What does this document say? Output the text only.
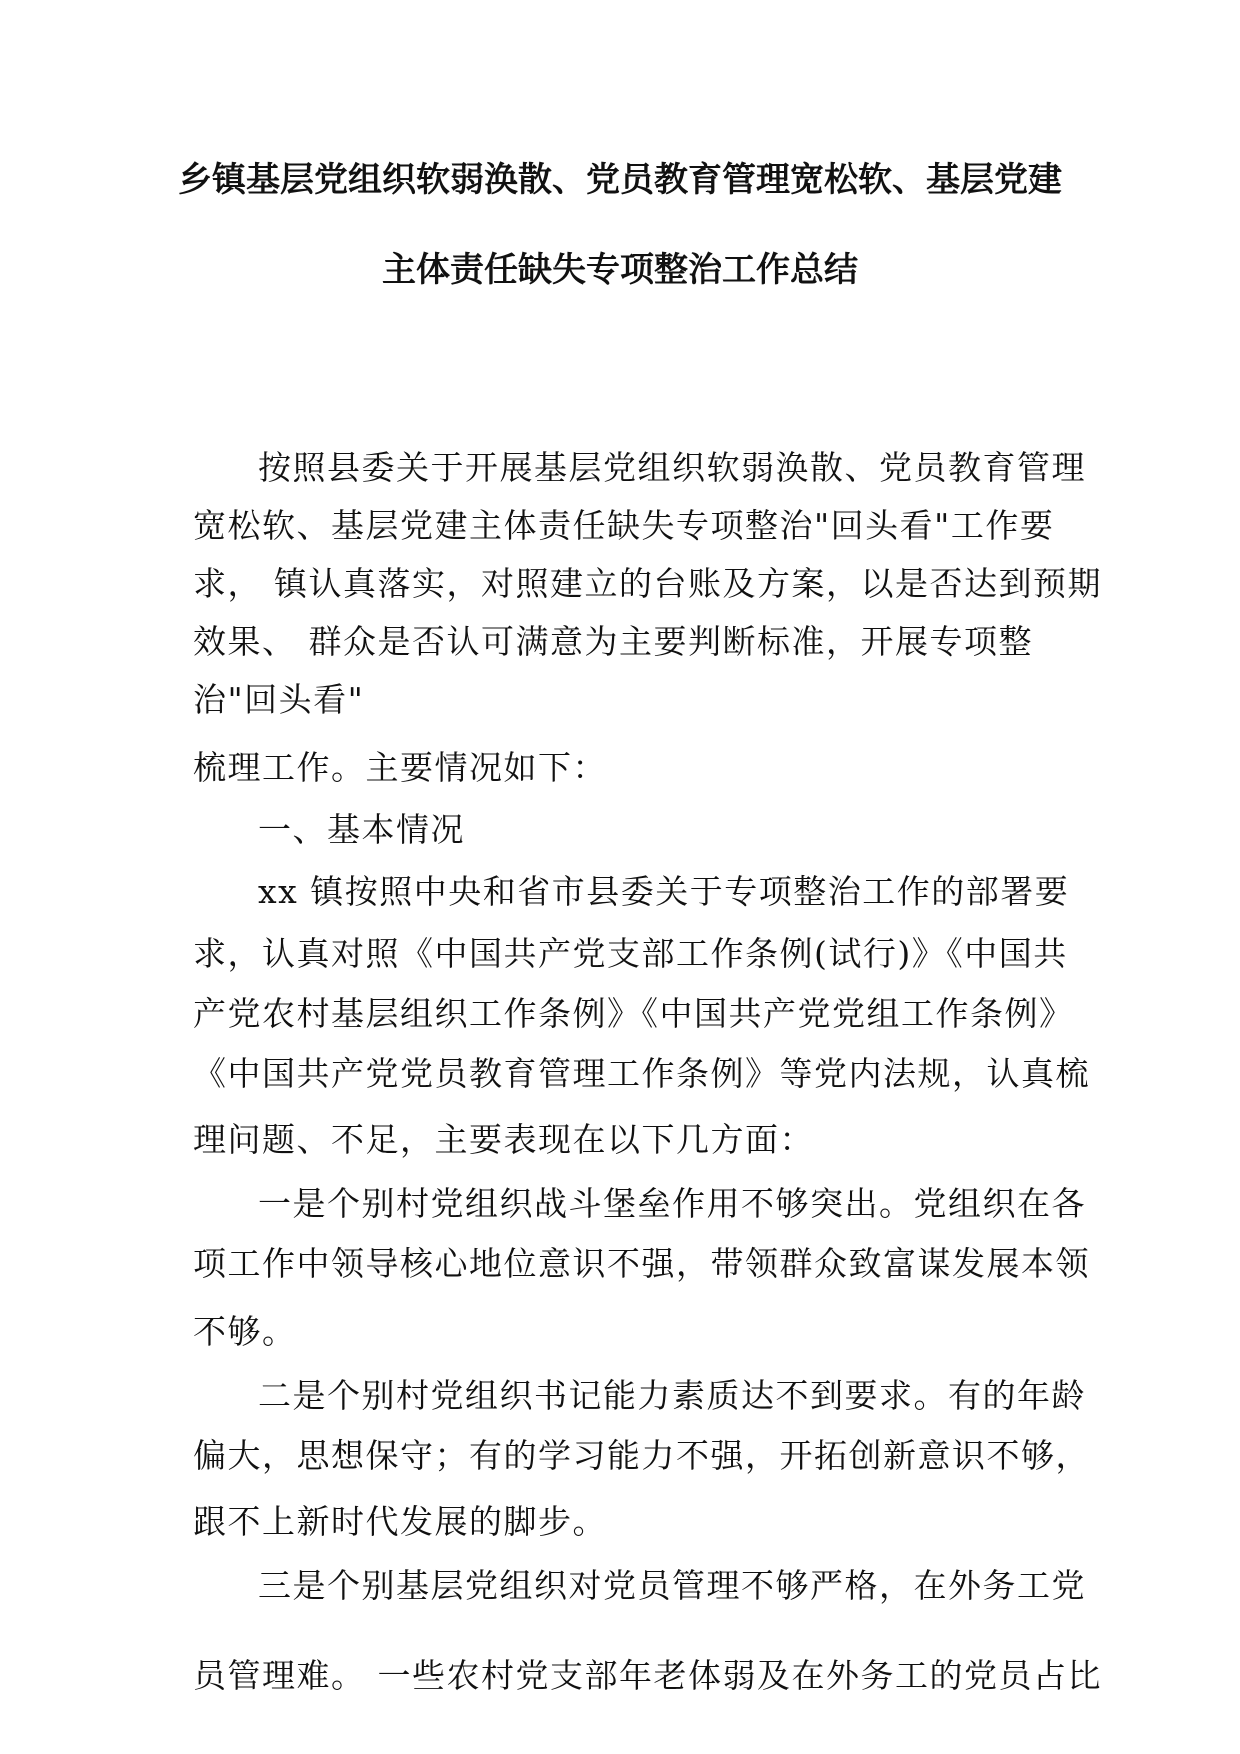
乡镇基层党组织软弱涣散、党员教育管理宽松软、基层党建
主体责任缺失专项整治工作总结
按照县委关于开展基层党组织软弱涣散、党员教育管理
宽松软、基层党建主体责任缺失专项整治"回头看"工作要
求， 镇认真落实，对照建立的台账及方案，以是否达到预期
效果、 群众是否认可满意为主要判断标准，开展专项整
治"回头看"
梳理工作。主要情况如下：
一、基本情况
xx 镇按照中央和省市县委关于专项整治工作的部署要
求，认真对照《中国共产党支部工作条例(试行)》《中国共
产党农村基层组织工作条例》《中国共产党党组工作条例》
《中国共产党党员教育管理工作条例》等党内法规，认真梳
理问题、不足，主要表现在以下几方面：
一是个别村党组织战斗堡垒作用不够突出。党组织在各
项工作中领导核心地位意识不强，带领群众致富谋发展本领
不够。
二是个别村党组织书记能力素质达不到要求。有的年龄
偏大，思想保守；有的学习能力不强，开拓创新意识不够，
跟不上新时代发展的脚步。
三是个别基层党组织对党员管理不够严格，在外务工党
员管理难。 一些农村党支部年老体弱及在外务工的党员占比
